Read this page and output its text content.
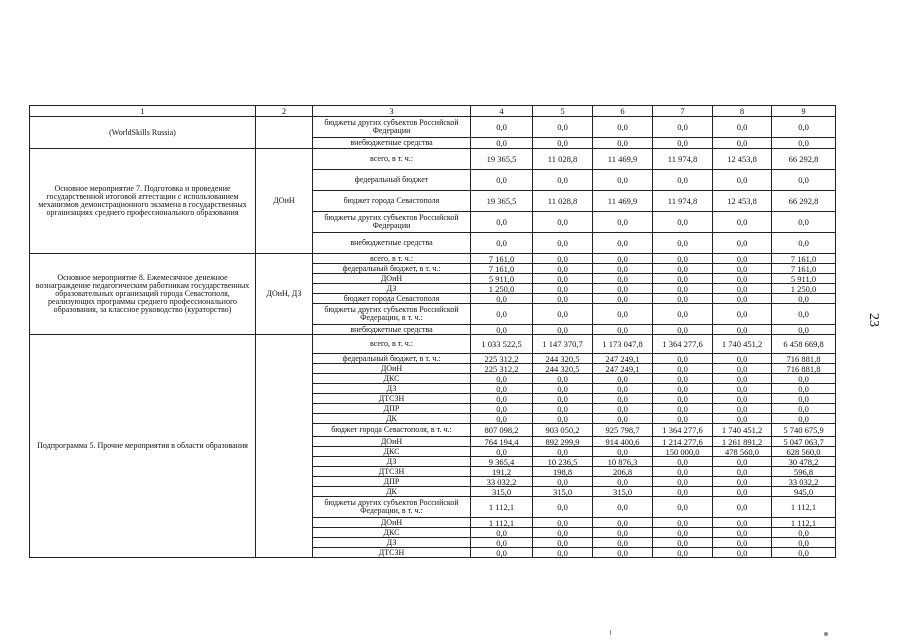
1	2	3	4	5	6	7	8	9
(WorldSkills Russia)		бюджеты других субъектов Российской Федерации	0,0	0,0	0,0	0,0	0,0	0,0
		внебюджетные средства	0,0	0,0	0,0	0,0	0,0	0,0
Основное мероприятие 7. Подготовка и проведение государственной итоговой аттестации с использованием механизмов демонстрационного экзамена в государственных организациях среднего профессионального образования	ДОиН	всего, в т. ч.:	19 365,5	11 028,8	11 469,9	11 974,8	12 453,8	66 292,8
		федеральный бюджет	0,0	0,0	0,0	0,0	0,0	0,0
		бюджет города Севастополя	19 365,5	11 028,8	11 469,9	11 974,8	12 453,8	66 292,8
		бюджеты других субъектов Российской Федерации	0,0	0,0	0,0	0,0	0,0	0,0
		внебюджетные средства	0,0	0,0	0,0	0,0	0,0	0,0
Основное мероприятие 8. Ежемесячное денежное вознаграждение педагогическим работникам государственных образовательных организаций города Севастополя, реализующих программы среднего профессионального образования, за классное руководство (кураторство)	ДОиН, ДЗ	всего, в т. ч.:	7 161,0	0,0	0,0	0,0	0,0	7 161,0
		федеральный бюджет, в т. ч.:	7 161,0	0,0	0,0	0,0	0,0	7 161,0
		ДОиН	5 911,0	0,0	0,0	0,0	0,0	5 911,0
		ДЗ	1 250,0	0,0	0,0	0,0	0,0	1 250,0
		бюджет города Севастополя	0,0	0,0	0,0	0,0	0,0	0,0
		бюджеты других субъектов Российской Федерации, в т. ч.:	0,0	0,0	0,0	0,0	0,0	0,0
		внебюджетные средства	0,0	0,0	0,0	0,0	0,0	0,0
Подпрограмма 5. Прочие мероприятия в области образования		всего, в т. ч.:	1 033 522,5	1 147 370,7	1 173 047,8	1 364 277,6	1 740 451,2	6 458 669,8
		федеральный бюджет, в т. ч.:	225 312,2	244 320,5	247 249,1	0,0	0,0	716 881,8
		ДОиН	225 312,2	244 320,5	247 249,1	0,0	0,0	716 881,8
		ДКС	0,0	0,0	0,0	0,0	0,0	0,0
		ДЗ	0,0	0,0	0,0	0,0	0,0	0,0
		ДТСЗН	0,0	0,0	0,0	0,0	0,0	0,0
		ДПР	0,0	0,0	0,0	0,0	0,0	0,0
		ДК	0,0	0,0	0,0	0,0	0,0	0,0
		бюджет города Севастополя, в т. ч.:	807 098,2	903 050,2	925 798,7	1 364 277,6	1 740 451,2	5 740 675,9
		ДОиН	764 194,4	892 299,9	914 400,6	1 214 277,6	1 261 891,2	5 047 063,7
		ДКС	0,0	0,0	0,0	150 000,0	478 560,0	628 560,0
		ДЗ	9 365,4	10 236,5	10 876,3	0,0	0,0	30 478,2
		ДТСЗН	191,2	198,8	206,8	0,0	0,0	596,8
		ДПР	33 032,2	0,0	0,0	0,0	0,0	33 032,2
		ДК	315,0	315,0	315,0	0,0	0,0	945,0
		бюджеты других субъектов Российской Федерации, в т. ч.:	1 112,1	0,0	0,0	0,0	0,0	1 112,1
		ДОиН	1 112,1	0,0	0,0	0,0	0,0	1 112,1
		ДКС	0,0	0,0	0,0	0,0	0,0	0,0
		ДЗ	0,0	0,0	0,0	0,0	0,0	0,0
		ДТСЗН	0,0	0,0	0,0	0,0	0,0	0,0
23
